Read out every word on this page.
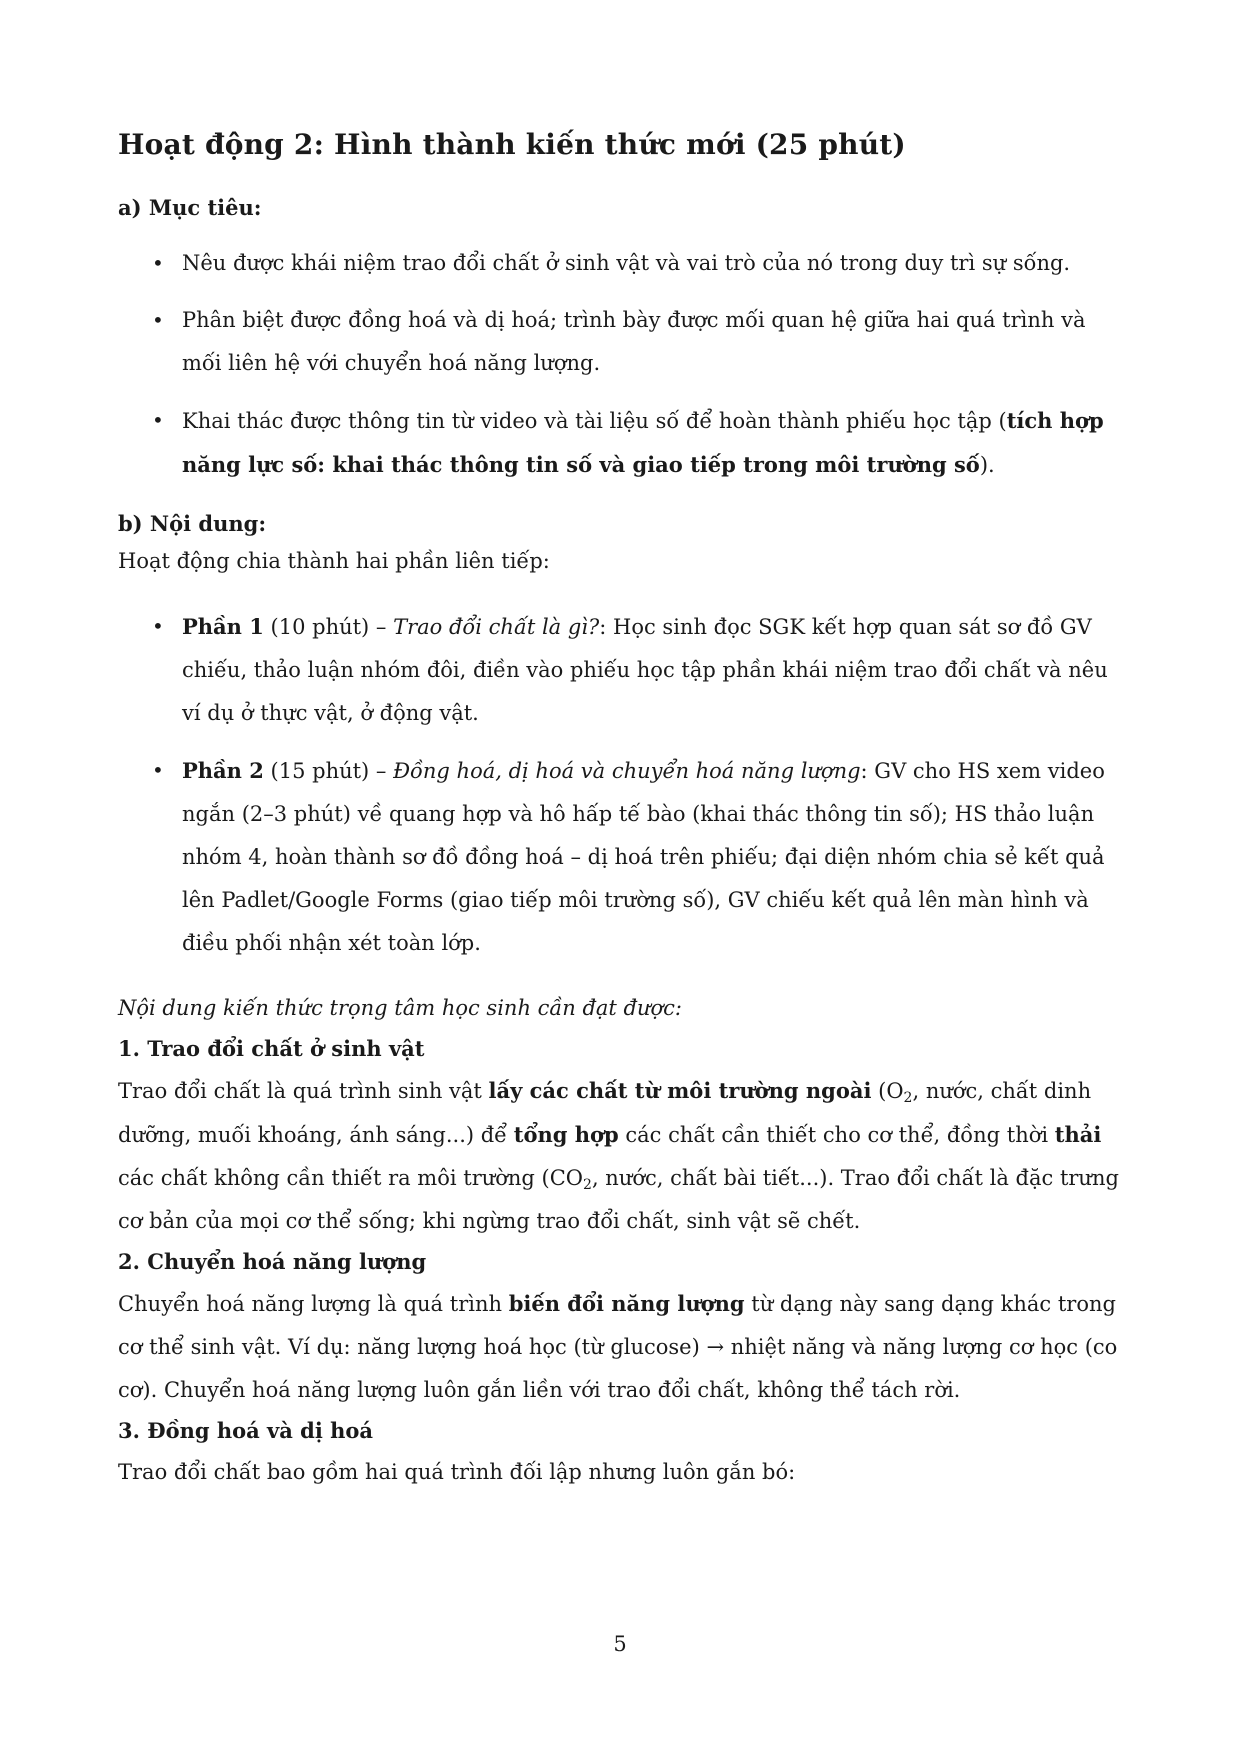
Hoạt động 2: Hình thành kiến thức mới (25 phút)
a) Mục tiêu:
• Nêu được khái niệm trao đổi chất ở sinh vật và vai trò của nó trong duy trì sự sống.
• Phân biệt được đồng hoá và dị hoá; trình bày được mối quan hệ giữa hai quá trình và mối liên hệ với chuyển hoá năng lượng.
• Khai thác được thông tin từ video và tài liệu số để hoàn thành phiếu học tập (tích hợp năng lực số: khai thác thông tin số và giao tiếp trong môi trường số).
b) Nội dung:

Hoạt động chia thành hai phần liên tiếp:

• Phần 1 (10 phút) – Trao đổi chất là gì?: Học sinh đọc SGK kết hợp quan sát sơ đồ GV chiếu, thảo luận nhóm đôi, điền vào phiếu học tập phần khái niệm trao đổi chất và nêu ví dụ ở thực vật, ở động vật.
• Phần 2 (15 phút) – Đồng hoá, dị hoá và chuyển hoá năng lượng: GV cho HS xem video ngắn (2–3 phút) về quang hợp và hô hấp tế bào (khai thác thông tin số); HS thảo luận nhóm 4, hoàn thành sơ đồ đồng hoá – dị hoá trên phiếu; đại diện nhóm chia sẻ kết quả lên Padlet/Google Forms (giao tiếp môi trường số), GV chiếu kết quả lên màn hình và điều phối nhận xét toàn lớp.

Nội dung kiến thức trọng tâm học sinh cần đạt được:

1. Trao đổi chất ở sinh vật

Trao đổi chất là quá trình sinh vật lấy các chất từ môi trường ngoài ($O_2$, nước, chất dinh dưỡng, muối khoáng, ánh sáng...) để tổng hợp các chất cần thiết cho cơ thể, đồng thời thải các chất không cần thiết ra môi trường ($CO_2$, nước, chất bài tiết...). Trao đổi chất là đặc trưng cơ bản của mọi cơ thể sống; khi ngừng trao đổi chất, sinh vật sẽ chết.

2. Chuyển hoá năng lượng

Chuyển hoá năng lượng là quá trình biến đổi năng lượng từ dạng này sang dạng khác trong cơ thể sinh vật. Ví dụ: năng lượng hoá học (từ glucose) → nhiệt năng và năng lượng cơ học (co cơ). Chuyển hoá năng lượng luôn gắn liền với trao đổi chất, không thể tách rời.

3. Đồng hoá và dị hoá

Trao đổi chất bao gồm hai quá trình đối lập nhưng luôn gắn bó:

5
